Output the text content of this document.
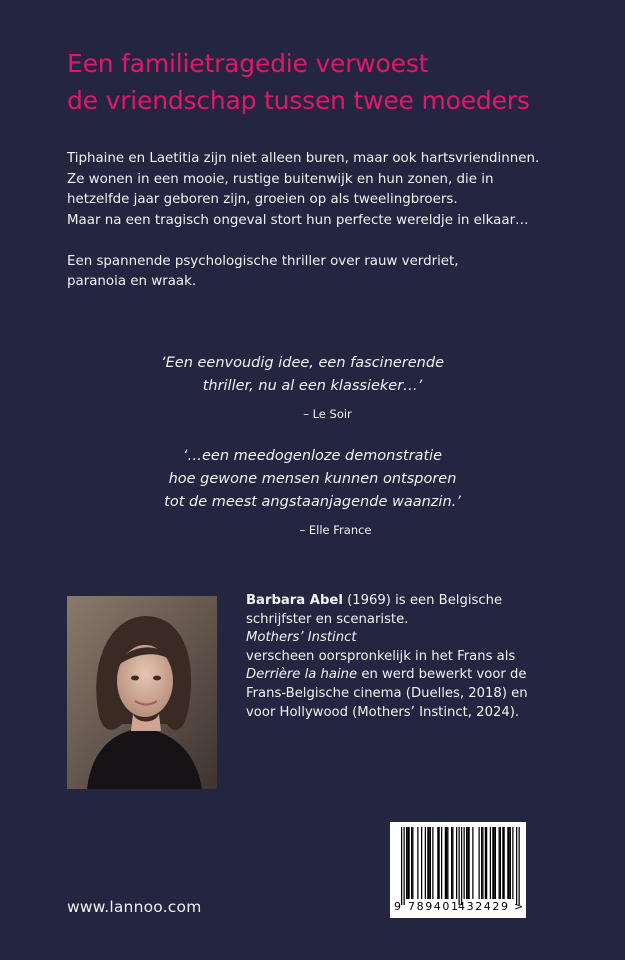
Een familietragedie verwoest
de vriendschap tussen twee moeders
Tiphaine en Laetitia zijn niet alleen buren, maar ook hartsvriendinnen.
Ze wonen in een mooie, rustige buitenwijk en hun zonen, die in
hetzelfde jaar geboren zijn, groeien op als tweelingbroers.
Maar na een tragisch ongeval stort hun perfecte wereldje in elkaar…
Een spannende psychologische thriller over rauw verdriet,
paranoia en wraak.
‘Een eenvoudig idee, een fascinerende
thriller, nu al een klassieker…’
– Le Soir
‘…een meedogenloze demonstratie
hoe gewone mensen kunnen ontsporen
tot de meest angstaanjagende waanzin.’
– Elle France
Barbara Abel (1969) is een Belgische
schrijfster en scenariste.
Mothers’ Instinct
verscheen oorspronkelijk in het Frans als
Derrière la haine en werd bewerkt voor de
Frans-Belgische cinema (Duelles, 2018) en
voor Hollywood (Mothers’ Instinct, 2024).
www.lannoo.com	9 789401
432429 >
